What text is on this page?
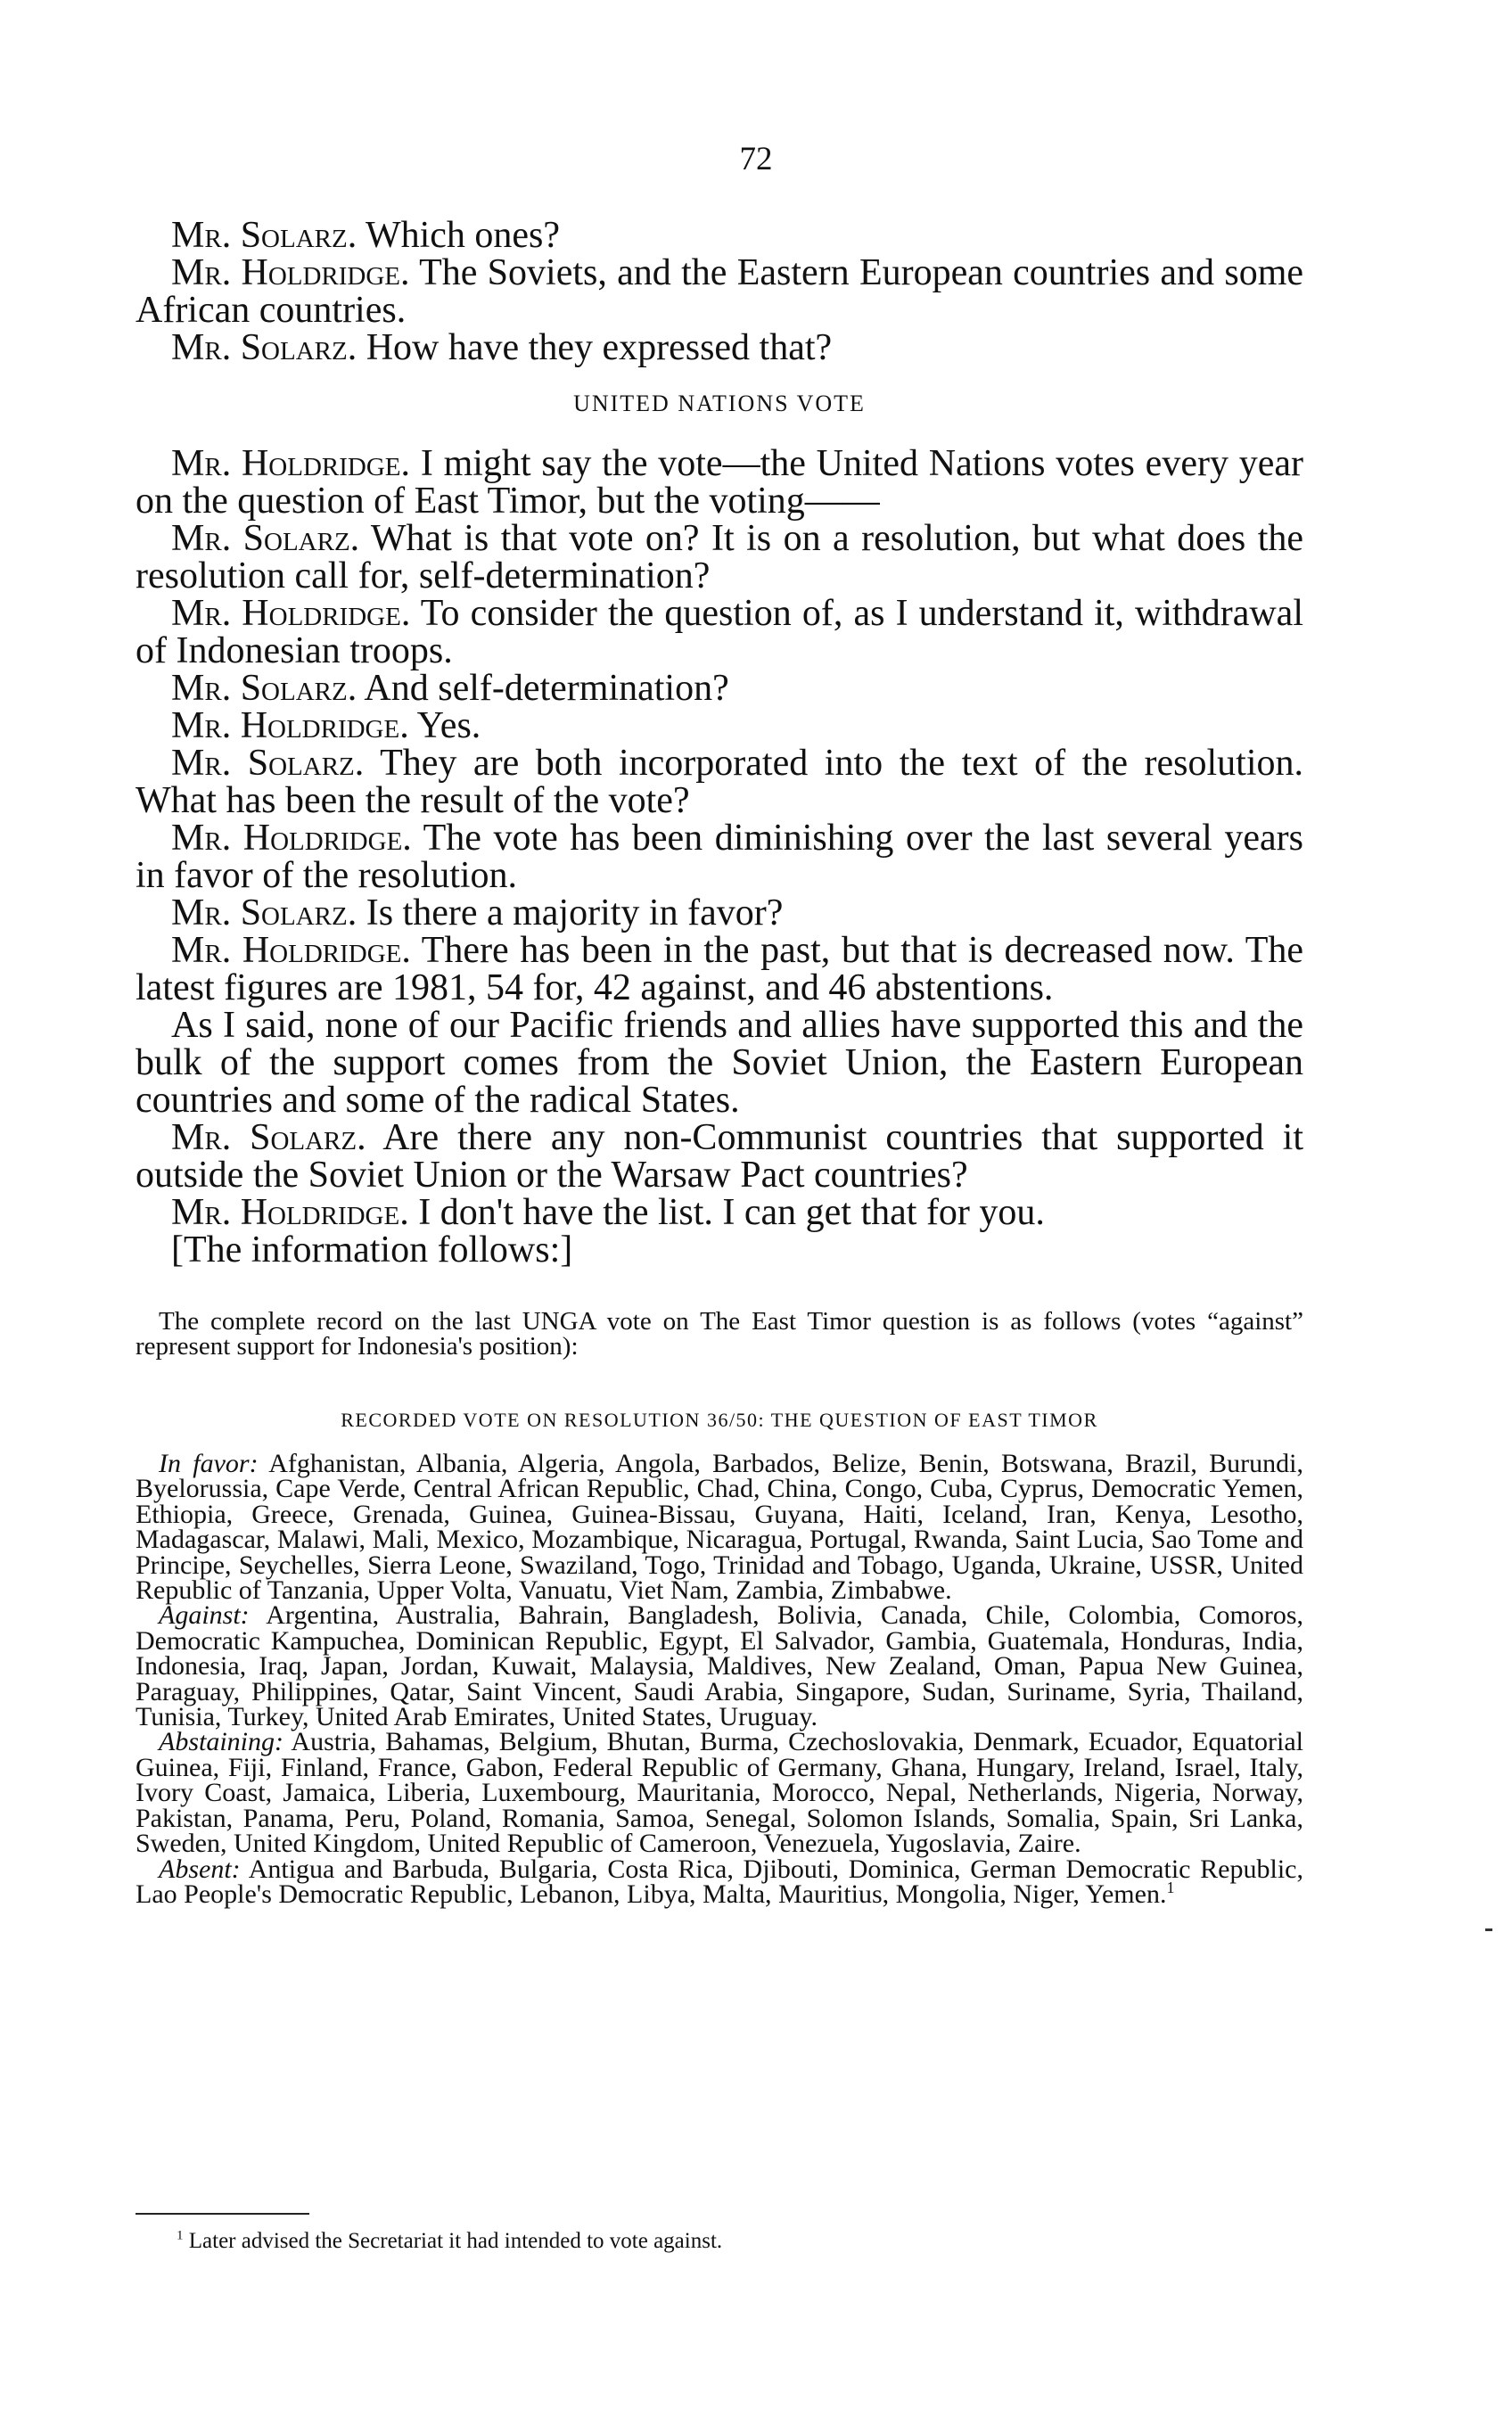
72

Mr. Solarz. Which ones?

Mr. Holdridge. The Soviets, and the Eastern European countries and some African countries.

Mr. Solarz. How have they expressed that?

UNITED NATIONS VOTE

Mr. Holdridge. I might say the vote—the United Nations votes every year on the question of East Timor, but the voting——

Mr. Solarz. What is that vote on? It is on a resolution, but what does the resolution call for, self-determination?

Mr. Holdridge. To consider the question of, as I understand it, withdrawal of Indonesian troops.

Mr. Solarz. And self-determination?

Mr. Holdridge. Yes.

Mr. Solarz. They are both incorporated into the text of the resolution. What has been the result of the vote?

Mr. Holdridge. The vote has been diminishing over the last several years in favor of the resolution.

Mr. Solarz. Is there a majority in favor?

Mr. Holdridge. There has been in the past, but that is decreased now. The latest figures are 1981, 54 for, 42 against, and 46 abstentions.

As I said, none of our Pacific friends and allies have supported this and the bulk of the support comes from the Soviet Union, the Eastern European countries and some of the radical States.

Mr. Solarz. Are there any non-Communist countries that supported it outside the Soviet Union or the Warsaw Pact countries?

Mr. Holdridge. I don't have the list. I can get that for you.

[The information follows:]

The complete record on the last UNGA vote on The East Timor question is as follows (votes “against” represent support for Indonesia's position):

RECORDED VOTE ON RESOLUTION 36/50: THE QUESTION OF EAST TIMOR

In favor: Afghanistan, Albania, Algeria, Angola, Barbados, Belize, Benin, Botswana, Brazil, Burundi, Byelorussia, Cape Verde, Central African Republic, Chad, China, Congo, Cuba, Cyprus, Democratic Yemen, Ethiopia, Greece, Grenada, Guinea, Guinea-Bissau, Guyana, Haiti, Iceland, Iran, Kenya, Lesotho, Madagascar, Malawi, Mali, Mexico, Mozambique, Nicaragua, Portugal, Rwanda, Saint Lucia, Sao Tome and Principe, Seychelles, Sierra Leone, Swaziland, Togo, Trinidad and Tobago, Uganda, Ukraine, USSR, United Republic of Tanzania, Upper Volta, Vanuatu, Viet Nam, Zambia, Zimbabwe.

Against: Argentina, Australia, Bahrain, Bangladesh, Bolivia, Canada, Chile, Colombia, Comoros, Democratic Kampuchea, Dominican Republic, Egypt, El Salvador, Gambia, Guatemala, Honduras, India, Indonesia, Iraq, Japan, Jordan, Kuwait, Malaysia, Maldives, New Zealand, Oman, Papua New Guinea, Paraguay, Philippines, Qatar, Saint Vincent, Saudi Arabia, Singapore, Sudan, Suriname, Syria, Thailand, Tunisia, Turkey, United Arab Emirates, United States, Uruguay.

Abstaining: Austria, Bahamas, Belgium, Bhutan, Burma, Czechoslovakia, Denmark, Ecuador, Equatorial Guinea, Fiji, Finland, France, Gabon, Federal Republic of Germany, Ghana, Hungary, Ireland, Israel, Italy, Ivory Coast, Jamaica, Liberia, Luxembourg, Mauritania, Morocco, Nepal, Netherlands, Nigeria, Norway, Pakistan, Panama, Peru, Poland, Romania, Samoa, Senegal, Solomon Islands, Somalia, Spain, Sri Lanka, Sweden, United Kingdom, United Republic of Cameroon, Venezuela, Yugoslavia, Zaire.

Absent: Antigua and Barbuda, Bulgaria, Costa Rica, Djibouti, Dominica, German Democratic Republic, Lao People's Democratic Republic, Lebanon, Libya, Malta, Mauritius, Mongolia, Niger, Yemen.$^1$

$^1$ Later advised the Secretariat it had intended to vote against.
